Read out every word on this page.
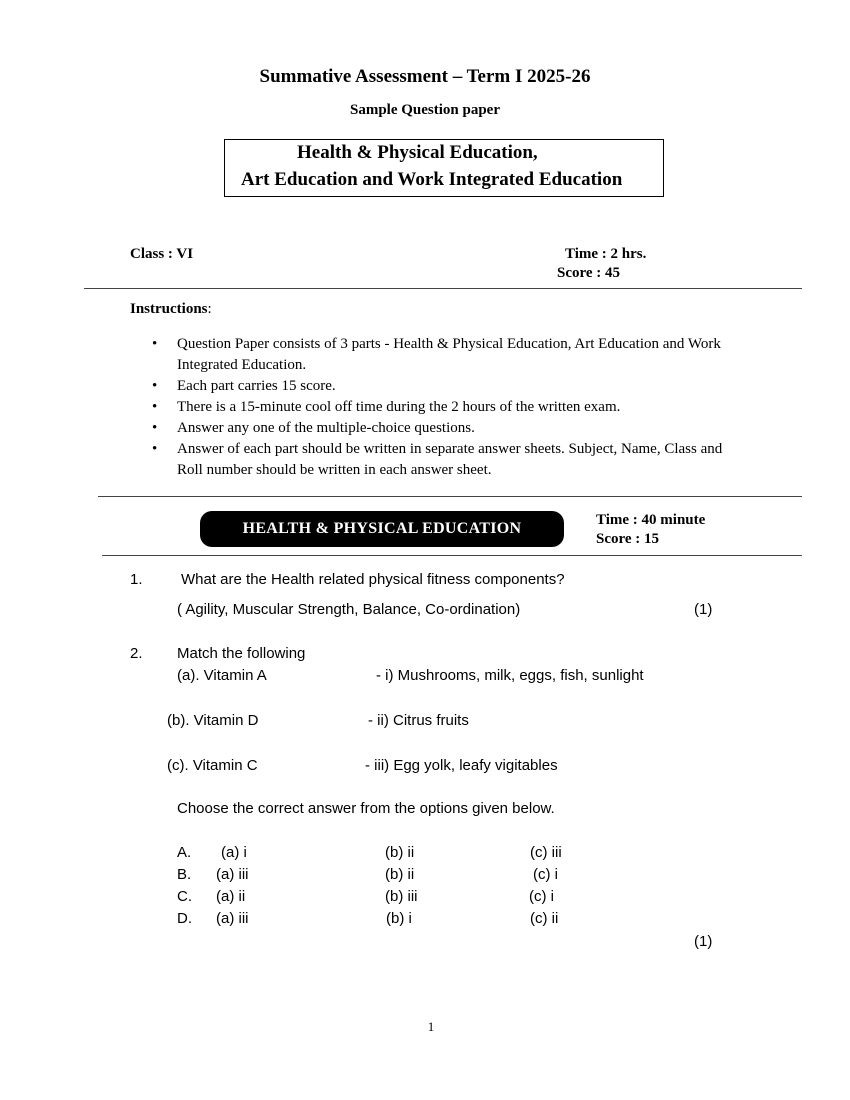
Summative Assessment – Term I 2025-26
Sample Question paper
Health & Physical Education,
Art Education and Work Integrated Education
Class : VI	Time : 2 hrs.
Score : 45
Instructions:
• Question Paper consists of 3 parts - Health & Physical Education, Art Education and Work Integrated Education.
• Each part carries 15 score.
• There is a 15-minute cool off time during the 2 hours of the written exam.
• Answer any one of the multiple-choice questions.
• Answer of each part should be written in separate answer sheets. Subject, Name, Class and Roll number should be written in each answer sheet.
HEALTH & PHYSICAL EDUCATION	Time : 40 minute
Score : 15
1.	What are the Health related physical fitness components?
( Agility, Muscular Strength, Balance, Co-ordination)	(1)
2. Match the following
(a). Vitamin A	- i) Mushrooms, milk, eggs, fish, sunlight
(b). Vitamin D	- ii) Citrus fruits
(c). Vitamin C	- iii) Egg yolk, leafy vigitables
Choose the correct answer from the options given below.
A. (a) i	(b) ii	(c) iii
B. (a) iii	(b) ii	(c) i
C. (a) ii	(b) iii	(c) i
D. (a) iii	(b) i	(c) ii
(1)
1
